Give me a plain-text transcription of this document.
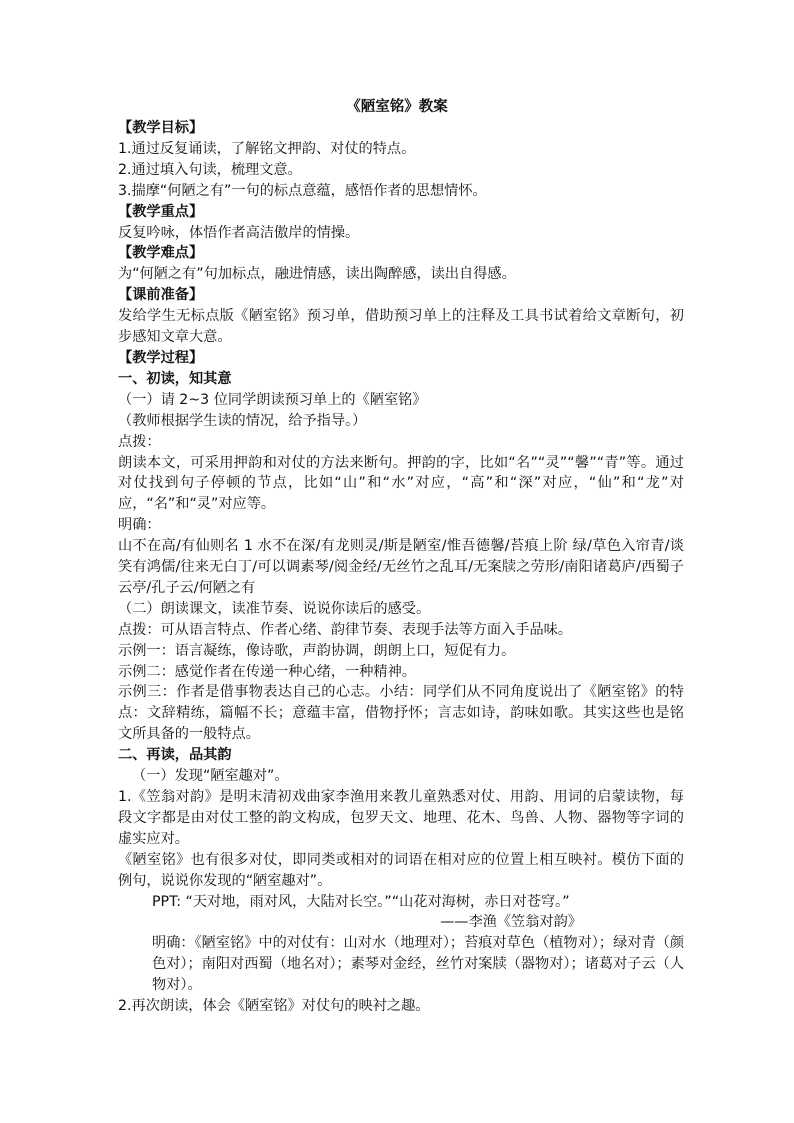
《陋室铭》教案

【教学目标】

1.通过反复诵读，了解铭文押韵、对仗的特点。

2.通过填入句读，梳理文意。

3.揣摩“何陋之有”一句的标点意蕴，感悟作者的思想情怀。

【教学重点】

反复吟咏，体悟作者高洁傲岸的情操。

【教学难点】

为“何陋之有”句加标点，融进情感，读出陶醉感，读出自得感。

【课前准备】

发给学生无标点版《陋室铭》预习单，借助预习单上的注释及工具书试着给文章断句，初步感知文章大意。

【教学过程】

一、初读，知其意

（一）请 2~3 位同学朗读预习单上的《陋室铭》

（教师根据学生读的情况，给予指导。）

点拨：

朗读本文，可采用押韵和对仗的方法来断句。押韵的字，比如“名”“灵”“馨”“青”等。通过对仗找到句子停顿的节点，比如“山”和“水”对应，“高”和“深”对应，“仙”和“龙”对应，“名”和“灵”对应等。

明确：

山不在高/有仙则名 1 水不在深/有龙则灵/斯是陋室/惟吾德馨/苔痕上阶 绿/草色入帘青/谈笑有鸿儒/往来无白丁/可以调素琴/阅金经/无丝竹之乱耳/无案牍之劳形/南阳诸葛庐/西蜀子云亭/孔子云/何陋之有

（二）朗读课文，读准节奏、说说你读后的感受。

点拨：可从语言特点、作者心绪、韵律节奏、表现手法等方面入手品味。

示例一：语言凝练，像诗歌，声韵协调，朗朗上口，短促有力。

示例二：感觉作者在传递一种心绪，一种精神。

示例三：作者是借事物表达自己的心志。小结：同学们从不同角度说出了《陋室铭》的特点：文辞精练，篇幅不长；意蕴丰富，借物抒怀；言志如诗，韵味如歌。其实这些也是铭文所具备的一般特点。

二、再读，品其韵

（一）发现“陋室趣对”。

1.《笠翁对韵》是明末清初戏曲家李渔用来教儿童熟悉对仗、用韵、用词的启蒙读物，每段文字都是由对仗工整的韵文构成，包罗天文、地理、花木、鸟兽、人物、器物等字词的虚实应对。

《陋室铭》也有很多对仗，即同类或相对的词语在相对应的位置上相互映衬。模仿下面的例句，说说你发现的“陋室趣对”。

PPT: “天对地，雨对风，大陆对长空。”“山花对海树，赤日对苍穹。”

——李渔《笠翁对韵》

明确：《陋室铭》中的对仗有：山对水（地理对）；苔痕对草色（植物对）；绿对青（颜色对）；南阳对西蜀（地名对）；素琴对金经，丝竹对案牍（器物对）；诸葛对子云（人物对）。

2.再次朗读，体会《陋室铭》对仗句的映衬之趣。
